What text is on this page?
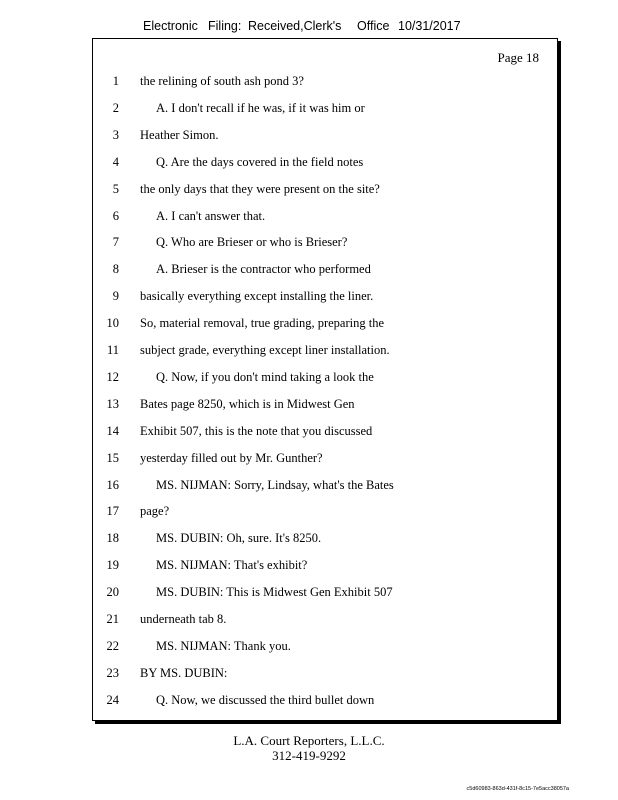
Electronic Filing: Received,Clerk's Office 10/31/2017
Page 18
1 the relining of south ash pond 3?
2	A. I don't recall if he was, if it was him or
3 Heather Simon.
4	Q. Are the days covered in the field notes
5 the only days that they were present on the site?
6	A. I can't answer that.
7	Q. Who are Brieser or who is Brieser?
8	A. Brieser is the contractor who performed
9 basically everything except installing the liner.
10 So, material removal, true grading, preparing the
11 subject grade, everything except liner installation.
12	Q. Now, if you don't mind taking a look the
13 Bates page 8250, which is in Midwest Gen
14 Exhibit 507, this is the note that you discussed
15 yesterday filled out by Mr. Gunther?
16	MS. NIJMAN: Sorry, Lindsay, what's the Bates
17 page?
18	MS. DUBIN: Oh, sure. It's 8250.
19	MS. NIJMAN: That's exhibit?
20	MS. DUBIN: This is Midwest Gen Exhibit 507
21 underneath tab 8.
22	MS. NIJMAN: Thank you.
23 BY MS. DUBIN:
24	Q. Now, we discussed the third bullet down
L.A. Court Reporters, L.L.C.
312-419-9292
c5d60983-863d-431f-8c15-7e5acc38057a
